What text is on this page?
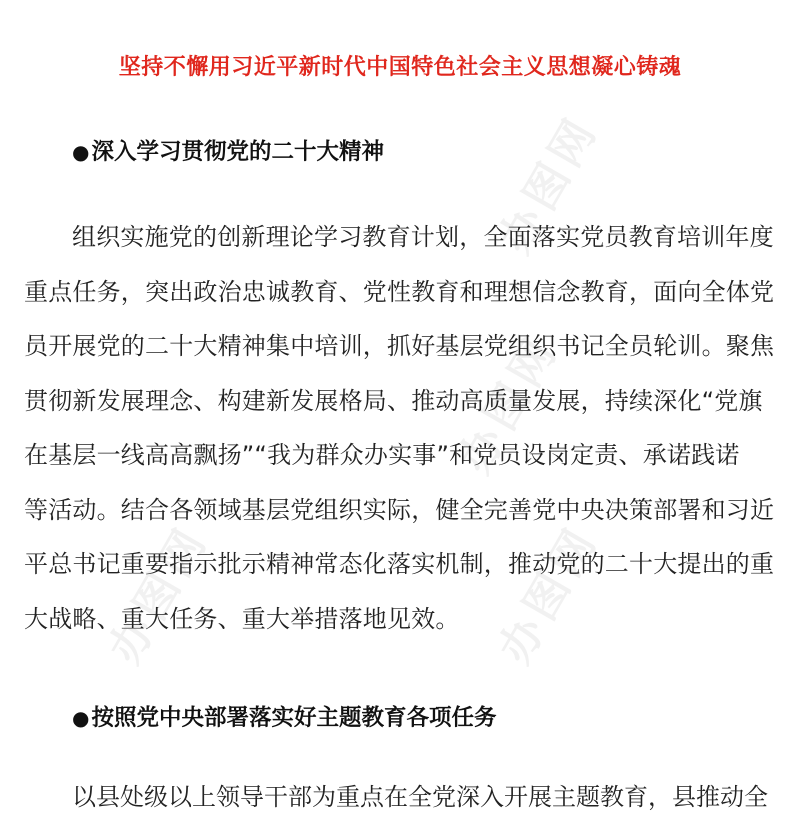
办图网
办图网
办图网	办图网
坚持不懈用习近平新时代中国特色社会主义思想凝心铸魂
●深入学习贯彻党的二十大精神
组织实施党的创新理论学习教育计划，全面落实党员教育培训年度
重点任务，突出政治忠诚教育、党性教育和理想信念教育，面向全体党
员开展党的二十大精神集中培训，抓好基层党组织书记全员轮训。聚焦
贯彻新发展理念、构建新发展格局、推动高质量发展，持续深化“党旗
在基层一线高高飘扬”“我为群众办实事”和党员设岗定责、承诺践诺
等活动。结合各领域基层党组织实际，健全完善党中央决策部署和习近
平总书记重要指示批示精神常态化落实机制，推动党的二十大提出的重
大战略、重大任务、重大举措落地见效。
●按照党中央部署落实好主题教育各项任务
以县处级以上领导干部为重点在全党深入开展主题教育，县推动全
